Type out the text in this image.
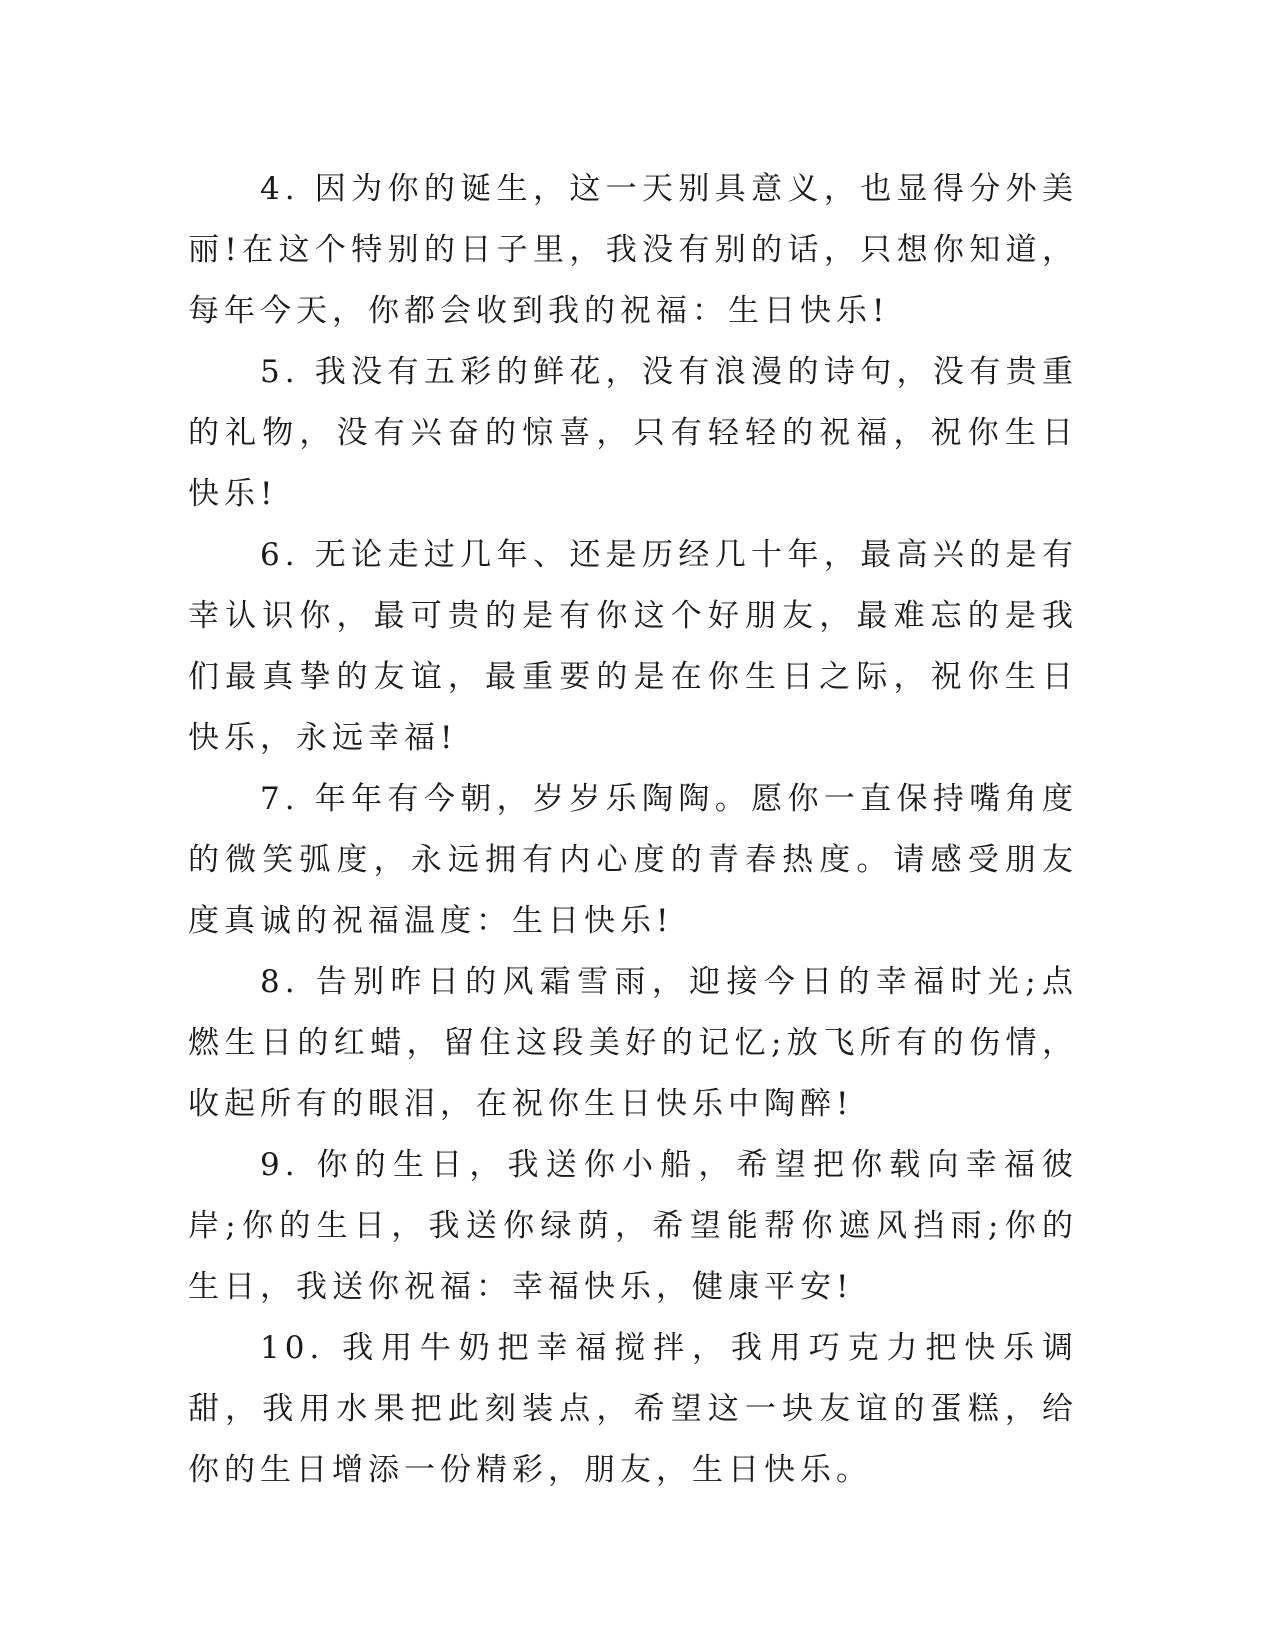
4. 因为你的诞生，这一天别具意义，也显得分外美丽!在这个特别的日子里，我没有别的话，只想你知道，每年今天，你都会收到我的祝福：生日快乐!

5. 我没有五彩的鲜花，没有浪漫的诗句，没有贵重的礼物，没有兴奋的惊喜，只有轻轻的祝福，祝你生日快乐!

6. 无论走过几年、还是历经几十年，最高兴的是有幸认识你，最可贵的是有你这个好朋友，最难忘的是我们最真挚的友谊，最重要的是在你生日之际，祝你生日快乐，永远幸福!

7. 年年有今朝，岁岁乐陶陶。愿你一直保持嘴角度的微笑弧度，永远拥有内心度的青春热度。请感受朋友度真诚的祝福温度：生日快乐!

8. 告别昨日的风霜雪雨，迎接今日的幸福时光;点燃生日的红蜡，留住这段美好的记忆;放飞所有的伤情，收起所有的眼泪，在祝你生日快乐中陶醉!

9. 你的生日，我送你小船，希望把你载向幸福彼岸;你的生日，我送你绿荫，希望能帮你遮风挡雨;你的生日，我送你祝福：幸福快乐，健康平安!

10. 我用牛奶把幸福搅拌，我用巧克力把快乐调甜，我用水果把此刻装点，希望这一块友谊的蛋糕，给你的生日增添一份精彩，朋友，生日快乐。
